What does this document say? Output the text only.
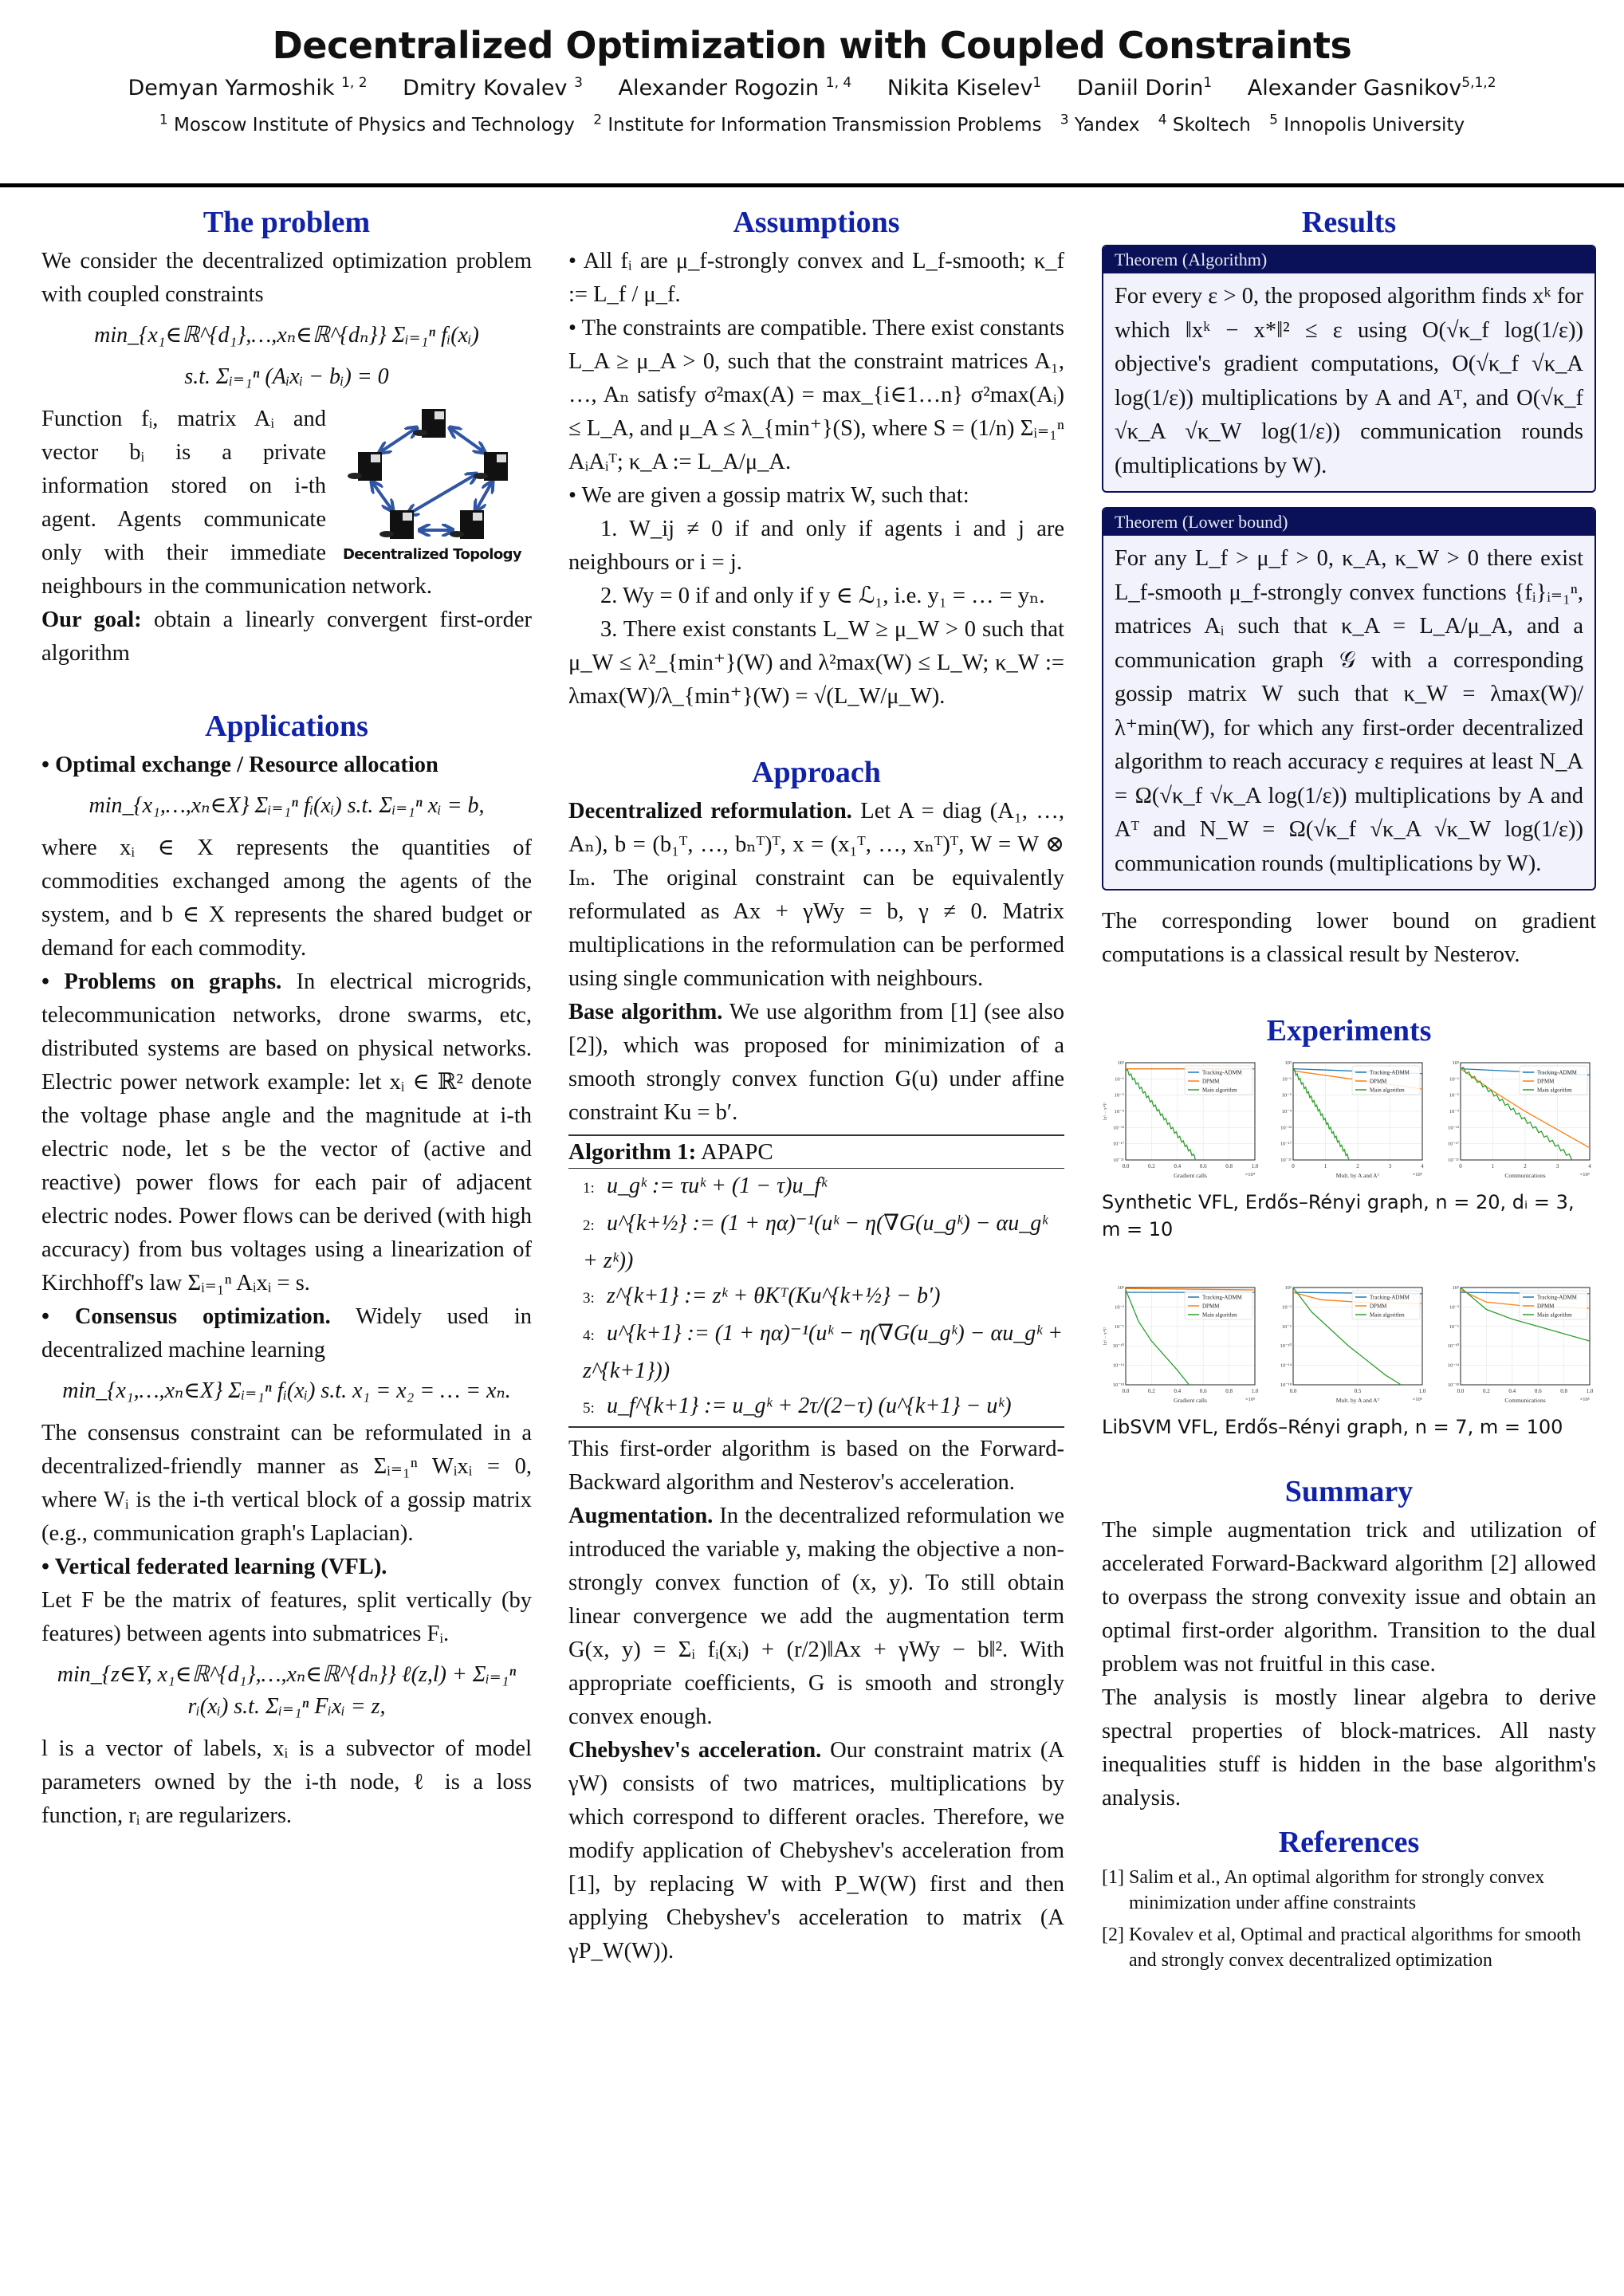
Decentralized Optimization with Coupled Constraints
Demyan Yarmoshik $^{1, 2}$ Dmitry Kovalev $^3$ Alexander Rogozin $^{1, 4}$ Nikita Kiselev$^1$ Daniil Dorin$^1$ Alexander Gasnikov$^{5,1,2}$
$^1$ Moscow Institute of Physics and Technology $^2$ Institute for Information Transmission Problems $^3$ Yandex $^4$ Skoltech $^5$ Innopolis University
The problem

We consider the decentralized optimization problem with coupled constraints

min_{x₁∈ℝ^{d₁},…,xₙ∈ℝ^{dₙ}} Σᵢ₌₁ⁿ fᵢ(xᵢ)
s.t. Σᵢ₌₁ⁿ (Aᵢxᵢ − bᵢ) = 0
Decentralized Topology

Function fᵢ, matrix Aᵢ and vector bᵢ is a private information stored on i-th agent. Agents communicate only with their immediate neighbours in the communication network.

Our goal: obtain a linearly convergent first-order algorithm

Applications

• Optimal exchange / Resource allocation

min_{x₁,…,xₙ∈X} Σᵢ₌₁ⁿ fᵢ(xᵢ) s.t. Σᵢ₌₁ⁿ xᵢ = b,

where xᵢ ∈ X represents the quantities of commodities exchanged among the agents of the system, and b ∈ X represents the shared budget or demand for each commodity.

• Problems on graphs. In electrical microgrids, telecommunication networks, drone swarms, etc, distributed systems are based on physical networks. Electric power network example: let xᵢ ∈ ℝ² denote the voltage phase angle and the magnitude at i-th electric node, let s be the vector of (active and reactive) power flows for each pair of adjacent electric nodes. Power flows can be derived (with high accuracy) from bus voltages using a linearization of Kirchhoff's law Σᵢ₌₁ⁿ Aᵢxᵢ = s.

• Consensus optimization. Widely used in decentralized machine learning

min_{x₁,…,xₙ∈X} Σᵢ₌₁ⁿ fᵢ(xᵢ) s.t. x₁ = x₂ = … = xₙ.

The consensus constraint can be reformulated in a decentralized-friendly manner as Σᵢ₌₁ⁿ Wᵢxᵢ = 0, where Wᵢ is the i-th vertical block of a gossip matrix (e.g., communication graph's Laplacian).

• Vertical federated learning (VFL).

Let F be the matrix of features, split vertically (by features) between agents into submatrices Fᵢ.

min_{z∈Y, x₁∈ℝ^{d₁},…,xₙ∈ℝ^{dₙ}} ℓ(z,l) + Σᵢ₌₁ⁿ rᵢ(xᵢ) s.t. Σᵢ₌₁ⁿ Fᵢxᵢ = z,

l is a vector of labels, xᵢ is a subvector of model parameters owned by the i-th node, ℓ is a loss function, rᵢ are regularizers.

Assumptions

• All fᵢ are μ_f-strongly convex and L_f-smooth; κ_f := L_f / μ_f.

• The constraints are compatible. There exist constants L_A ≥ μ_A > 0, such that the constraint matrices A₁, …, Aₙ satisfy σ²max(A) = max_{i∈1…n} σ²max(Aᵢ) ≤ L_A, and μ_A ≤ λ_{min⁺}(S), where S = (1/n) Σᵢ₌₁ⁿ AᵢAᵢᵀ; κ_A := L_A/μ_A.

• We are given a gossip matrix W, such that:

1. W_ij ≠ 0 if and only if agents i and j are neighbours or i = j.

2. Wy = 0 if and only if y ∈ ℒ₁, i.e. y₁ = … = yₙ.

3. There exist constants L_W ≥ μ_W > 0 such that μ_W ≤ λ²_{min⁺}(W) and λ²max(W) ≤ L_W; κ_W := λmax(W)/λ_{min⁺}(W) = √(L_W/μ_W).

Approach

Decentralized reformulation. Let A = diag (A₁, …, Aₙ), b = (b₁ᵀ, …, bₙᵀ)ᵀ, x = (x₁ᵀ, …, xₙᵀ)ᵀ, W = W ⊗ Iₘ. The original constraint can be equivalently reformulated as Ax + γWy = b, γ ≠ 0. Matrix multiplications in the reformulation can be performed using single communication with neighbours.

Base algorithm. We use algorithm from [1] (see also [2]), which was proposed for minimization of a smooth strongly convex function G(u) under affine constraint Ku = b′.

Algorithm 1: APAPC
1: u_gᵏ := τuᵏ + (1 − τ)u_fᵏ
2: u^{k+½} := (1 + ηα)⁻¹(uᵏ − η(∇G(u_gᵏ) − αu_gᵏ + zᵏ))
3: z^{k+1} := zᵏ + θKᵀ(Ku^{k+½} − b′)
4: u^{k+1} := (1 + ηα)⁻¹(uᵏ − η(∇G(u_gᵏ) − αu_gᵏ + z^{k+1}))
5: u_f^{k+1} := u_gᵏ + 2τ/(2−τ) (u^{k+1} − uᵏ)

This first-order algorithm is based on the Forward-Backward algorithm and Nesterov's acceleration.

Augmentation. In the decentralized reformulation we introduced the variable y, making the objective a non-strongly convex function of (x, y). To still obtain linear convergence we add the augmentation term G(x, y) = Σᵢ fᵢ(xᵢ) + (r/2)‖Ax + γWy − b‖². With appropriate coefficients, G is smooth and strongly convex enough.

Chebyshev's acceleration. Our constraint matrix (A γW) consists of two matrices, multiplications by which correspond to different oracles. Therefore, we modify application of Chebyshev's acceleration from [1], by replacing W with P_W(W) first and then applying Chebyshev's acceleration to matrix (A γP_W(W)).

Results
Theorem (Algorithm)

For every ε > 0, the proposed algorithm finds xᵏ for which ‖xᵏ − x*‖² ≤ ε using O(√κ_f log(1/ε)) objective's gradient computations, O(√κ_f √κ_A log(1/ε)) multiplications by A and Aᵀ, and O(√κ_f √κ_A √κ_W log(1/ε)) communication rounds (multiplications by W).

Theorem (Lower bound)

For any L_f > μ_f > 0, κ_A, κ_W > 0 there exist L_f-smooth μ_f-strongly convex functions {fᵢ}ᵢ₌₁ⁿ, matrices Aᵢ such that κ_A = L_A/μ_A, and a communication graph 𝒢 with a corresponding gossip matrix W such that κ_W = λmax(W)/λ⁺min(W), for which any first-order decentralized algorithm to reach accuracy ε requires at least N_A = Ω(√κ_f √κ_A log(1/ε)) multiplications by A and Aᵀ and N_W = Ω(√κ_f √κ_A √κ_W log(1/ε)) communication rounds (multiplications by W).

The corresponding lower bound on gradient computations is a classical result by Nesterov.

Experiments
0.0	0.2	0.4	0.6	0.8	1.0
10³
10⁻¹
10⁻⁵
10⁻⁹
10⁻¹³
10⁻¹⁷
10⁻²¹
Gradient calls	×10⁴
‖xᵏ − x*‖²
Tracking-ADMM
DPMM
Main algorithm
0	1	2	3	4
10³
10⁻¹
10⁻⁵
10⁻⁹
10⁻¹³
10⁻¹⁷
10⁻²¹
Mult. by A and Aᵀ	×10⁵
Tracking-ADMM
DPMM
Main algorithm
0	1	2	3	4
10³
10⁻¹
10⁻⁵
10⁻⁹
10⁻¹³
10⁻¹⁷
10⁻²¹
Communications	×10⁵
Tracking-ADMM
DPMM
Main algorithm
Synthetic VFL, Erdős–Rényi graph, n = 20, dᵢ = 3, m = 10
0.0	0.2	0.4	0.6	0.8	1.0
10²
10⁻²
10⁻⁶
10⁻¹⁰
10⁻¹⁴
10⁻¹⁸
Gradient calls	×10³
‖xᵏ − x*‖²
Tracking-ADMM
DPMM
Main algorithm
0.0	0.5	1.0
10²
10⁻²
10⁻⁶
10⁻¹⁰
10⁻¹⁴
10⁻¹⁸
Mult. by A and Aᵀ	×10⁵
Tracking-ADMM
DPMM
Main algorithm
0.0	0.2	0.4	0.6	0.8	1.0
10²
10⁻²
10⁻⁶
10⁻¹⁰
10⁻¹⁴
10⁻¹⁸
Communications	×10⁵
Tracking-ADMM
DPMM
Main algorithm
LibSVM VFL, Erdős–Rényi graph, n = 7, m = 100
Summary

The simple augmentation trick and utilization of accelerated Forward-Backward algorithm [2] allowed to overpass the strong convexity issue and obtain an optimal first-order algorithm. Transition to the dual problem was not fruitful in this case.

The analysis is mostly linear algebra to derive spectral properties of block-matrices. All nasty inequalities stuff is hidden in the base algorithm's analysis.

References
[1] Salim et al., An optimal algorithm for strongly convex minimization under affine constraints
[2] Kovalev et al, Optimal and practical algorithms for smooth and strongly convex decentralized optimization
